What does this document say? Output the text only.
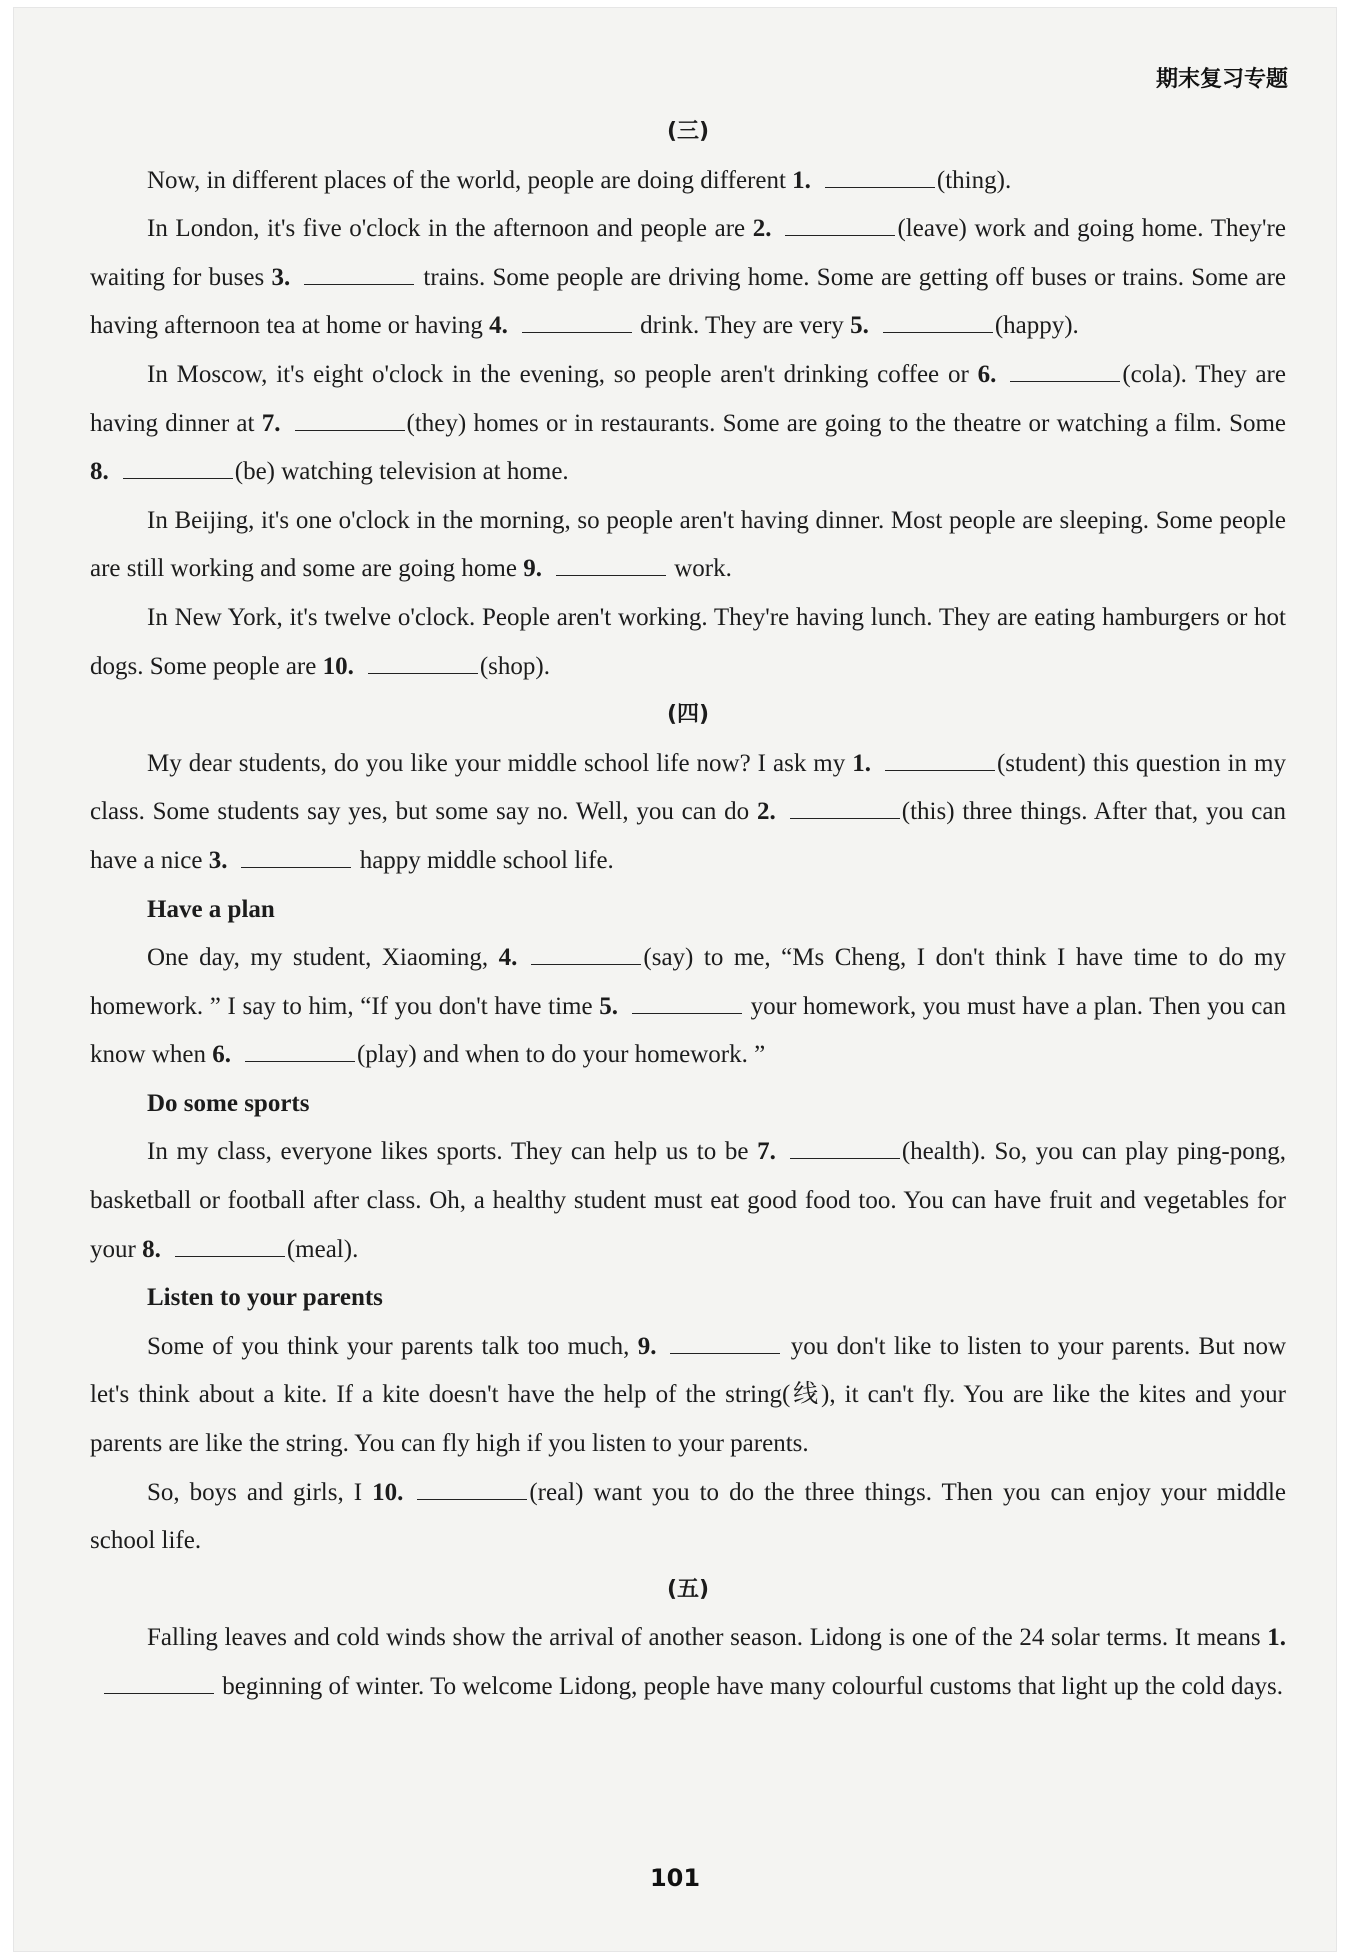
期末复习专题
(三)

Now, in different places of the world, people are doing different 1.	(thing).

In London, it's five o'clock in the afternoon and people are 2.	(leave) work and going home. They're waiting for buses 3.	trains. Some people are driving home. Some are getting off buses or trains. Some are having afternoon tea at home or having 4.	drink. They are very 5.	(happy).

In Moscow, it's eight o'clock in the evening, so people aren't drinking coffee or 6.	(cola). They are having dinner at 7.	(they) homes or in restaurants. Some are going to the theatre or watching a film. Some 8.	(be) watching television at home.

In Beijing, it's one o'clock in the morning, so people aren't having dinner. Most people are sleeping. Some people are still working and some are going home 9.	work.

In New York, it's twelve o'clock. People aren't working. They're having lunch. They are eating hamburgers or hot dogs. Some people are 10.	(shop).

(四)

My dear students, do you like your middle school life now? I ask my 1.	(student) this question in my class. Some students say yes, but some say no. Well, you can do 2.	(this) three things. After that, you can have a nice 3.	happy middle school life.

Have a plan

One day, my student, Xiaoming, 4.	(say) to me, “Ms Cheng, I don't think I have time to do my homework. ” I say to him, “If you don't have time 5.	your homework, you must have a plan. Then you can know when 6.	(play) and when to do your homework. ”

Do some sports

In my class, everyone likes sports. They can help us to be 7.	(health). So, you can play ping-pong, basketball or football after class. Oh, a healthy student must eat good food too. You can have fruit and vegetables for your 8.	(meal).

Listen to your parents

Some of you think your parents talk too much, 9.	you don't like to listen to your parents. But now let's think about a kite. If a kite doesn't have the help of the string(线), it can't fly. You are like the kites and your parents are like the string. You can fly high if you listen to your parents.

So, boys and girls, I 10.	(real) want you to do the three things. Then you can enjoy your middle school life.

(五)

Falling leaves and cold winds show the arrival of another season. Lidong is one of the 24 solar terms. It means 1. beginning of winter. To welcome Lidong, people have many colourful customs that light up the cold days.

101
